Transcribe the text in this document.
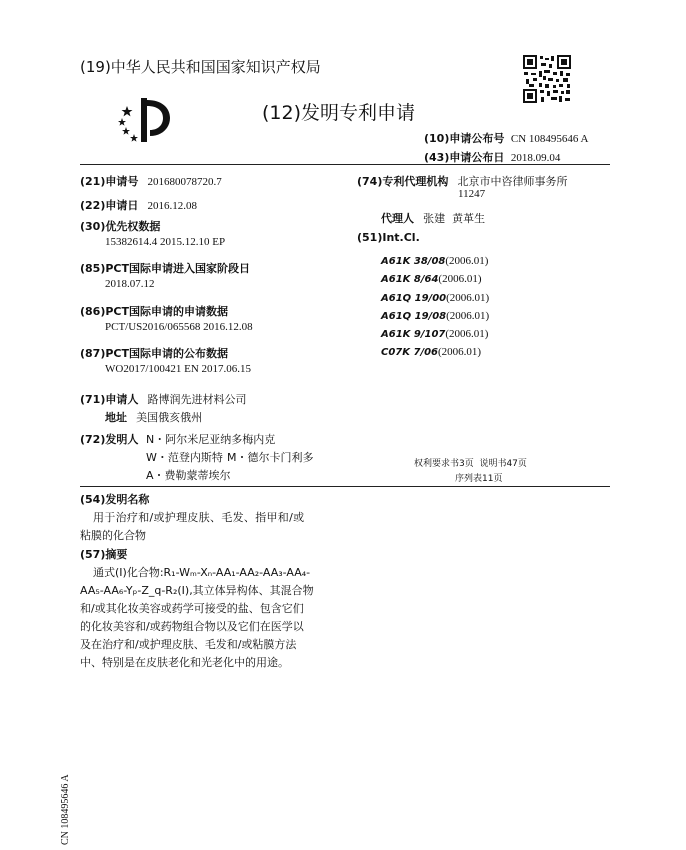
(19)中华人民共和国国家知识产权局
(12)发明专利申请
(10)申请公布号 CN 108495646 A
(43)申请公布日 2018.09.04
(21)申请号 201680078720.7
(22)申请日 2016.12.08
(30)优先权数据
15382614.4 2015.12.10 EP
(85)PCT国际申请进入国家阶段日
2018.07.12
(86)PCT国际申请的申请数据
PCT/US2016/065568 2016.12.08
(87)PCT国际申请的公布数据
WO2017/100421 EN 2017.06.15
(71)申请人 路博润先进材料公司
地址 美国俄亥俄州
(72)发明人 N・阿尔米尼亚纳多梅内克
W・范登内斯特 M・德尔卡门利多
A・费勒蒙蒂埃尔
(74)专利代理机构 北京市中咨律师事务所
11247
代理人 张建  黄革生
(51)Int.Cl.
A61K 38/08(2006.01)
A61K 8/64(2006.01)
A61Q 19/00(2006.01)
A61Q 19/08(2006.01)
A61K 9/107(2006.01)
C07K 7/06(2006.01)
权利要求书3页  说明书47页
序列表11页
(54)发明名称
用于治疗和/或护理皮肤、毛发、指甲和/或
粘膜的化合物
(57)摘要
通式(I)化合物:R₁-Wₘ-Xₙ-AA₁-AA₂-AA₃-AA₄-
AA₅-AA₆-Yₚ-Z_q-R₂(I),其立体异构体、其混合物
和/或其化妆美容或药学可接受的盐、包含它们
的化妆美容和/或药物组合物以及它们在医学以
及在治疗和/或护理皮肤、毛发和/或粘膜方法
中、特别是在皮肤老化和光老化中的用途。
CN 108495646 A
